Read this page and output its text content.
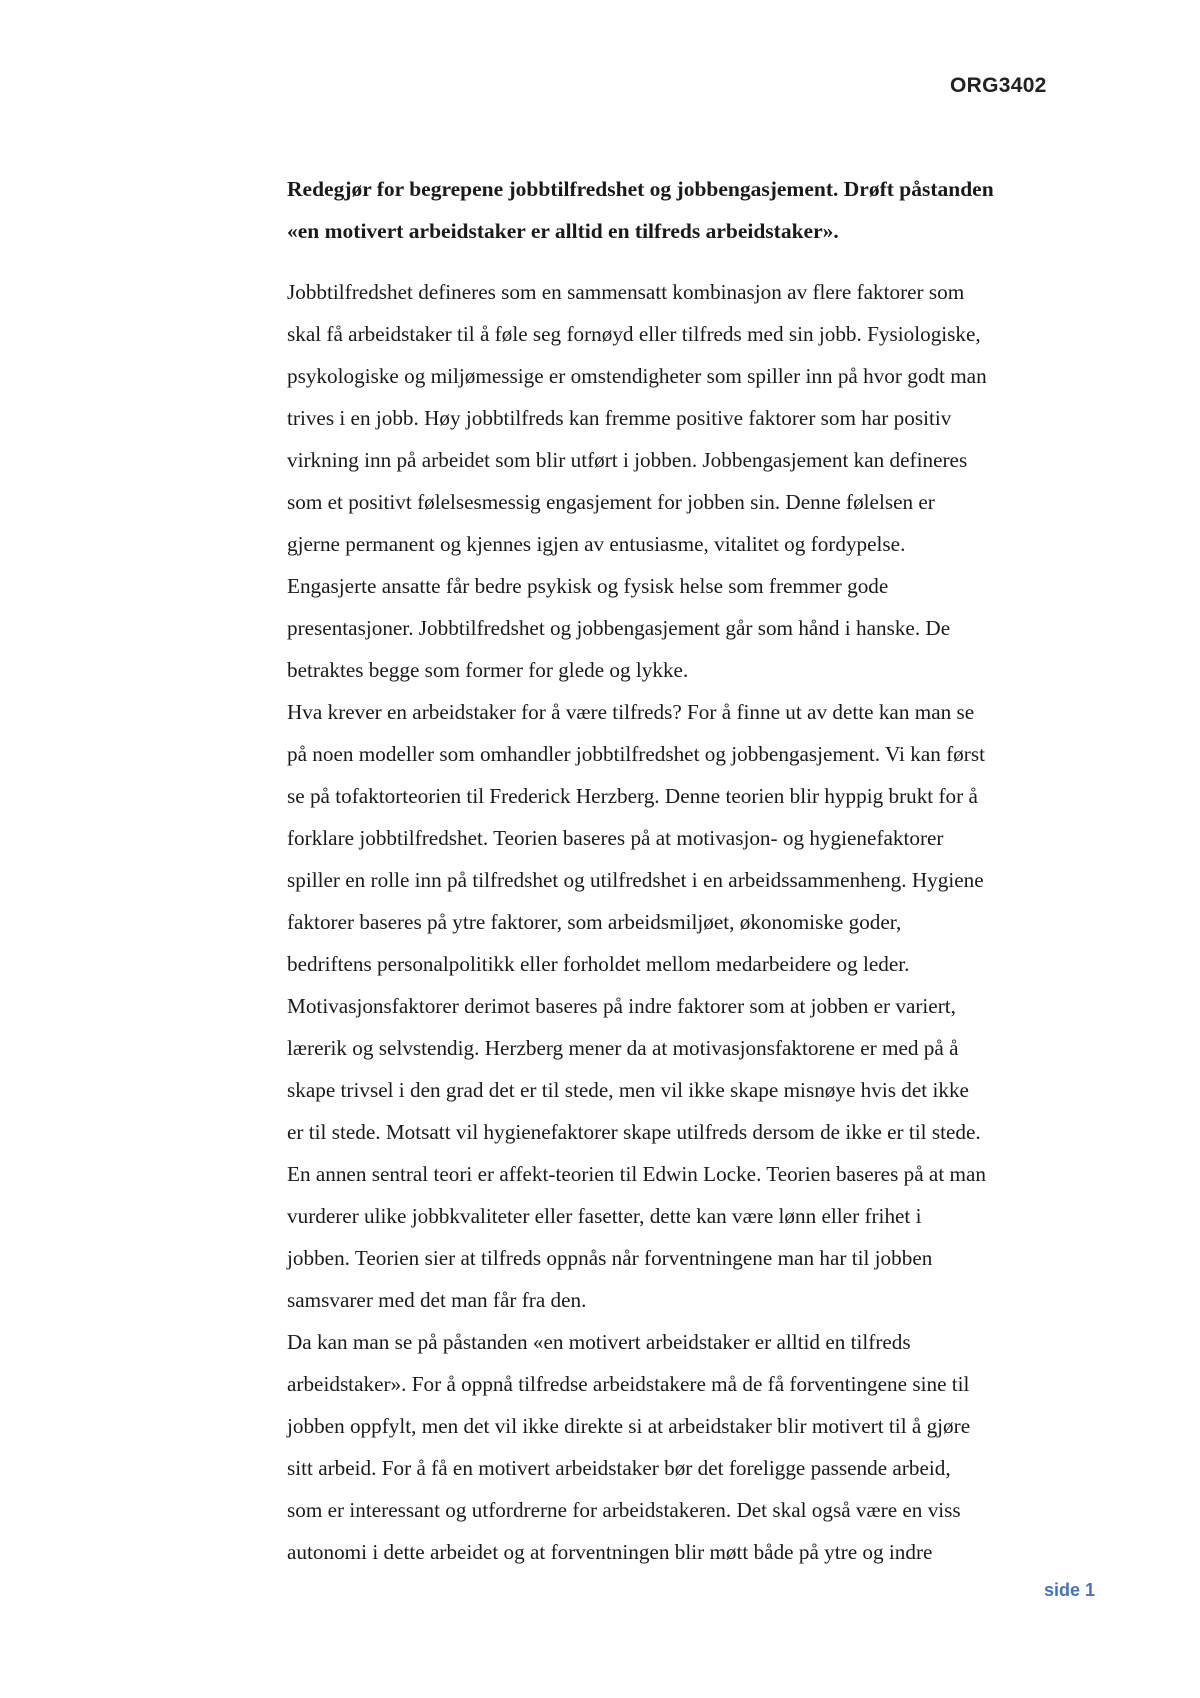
ORG3402
Redegjør for begrepene jobbtilfredshet og jobbengasjement. Drøft påstanden
«en motivert arbeidstaker er alltid en tilfreds arbeidstaker».
Jobbtilfredshet defineres som en sammensatt kombinasjon av flere faktorer som
skal få arbeidstaker til å føle seg fornøyd eller tilfreds med sin jobb. Fysiologiske,
psykologiske og miljømessige er omstendigheter som spiller inn på hvor godt man
trives i en jobb. Høy jobbtilfreds kan fremme positive faktorer som har positiv
virkning inn på arbeidet som blir utført i jobben. Jobbengasjement kan defineres
som et positivt følelsesmessig engasjement for jobben sin. Denne følelsen er
gjerne permanent og kjennes igjen av entusiasme, vitalitet og fordypelse.
Engasjerte ansatte får bedre psykisk og fysisk helse som fremmer gode
presentasjoner. Jobbtilfredshet og jobbengasjement går som hånd i hanske. De
betraktes begge som former for glede og lykke.
Hva krever en arbeidstaker for å være tilfreds? For å finne ut av dette kan man se
på noen modeller som omhandler jobbtilfredshet og jobbengasjement. Vi kan først
se på tofaktorteorien til Frederick Herzberg. Denne teorien blir hyppig brukt for å
forklare jobbtilfredshet. Teorien baseres på at motivasjon- og hygienefaktorer
spiller en rolle inn på tilfredshet og utilfredshet i en arbeidssammenheng. Hygiene
faktorer baseres på ytre faktorer, som arbeidsmiljøet, økonomiske goder,
bedriftens personalpolitikk eller forholdet mellom medarbeidere og leder.
Motivasjonsfaktorer derimot baseres på indre faktorer som at jobben er variert,
lærerik og selvstendig. Herzberg mener da at motivasjonsfaktorene er med på å
skape trivsel i den grad det er til stede, men vil ikke skape misnøye hvis det ikke
er til stede. Motsatt vil hygienefaktorer skape utilfreds dersom de ikke er til stede.
En annen sentral teori er affekt-teorien til Edwin Locke. Teorien baseres på at man
vurderer ulike jobbkvaliteter eller fasetter, dette kan være lønn eller frihet i
jobben. Teorien sier at tilfreds oppnås når forventningene man har til jobben
samsvarer med det man får fra den.
Da kan man se på påstanden «en motivert arbeidstaker er alltid en tilfreds
arbeidstaker». For å oppnå tilfredse arbeidstakere må de få forventingene sine til
jobben oppfylt, men det vil ikke direkte si at arbeidstaker blir motivert til å gjøre
sitt arbeid. For å få en motivert arbeidstaker bør det foreligge passende arbeid,
som er interessant og utfordrerne for arbeidstakeren. Det skal også være en viss
autonomi i dette arbeidet og at forventningen blir møtt både på ytre og indre
side 1
